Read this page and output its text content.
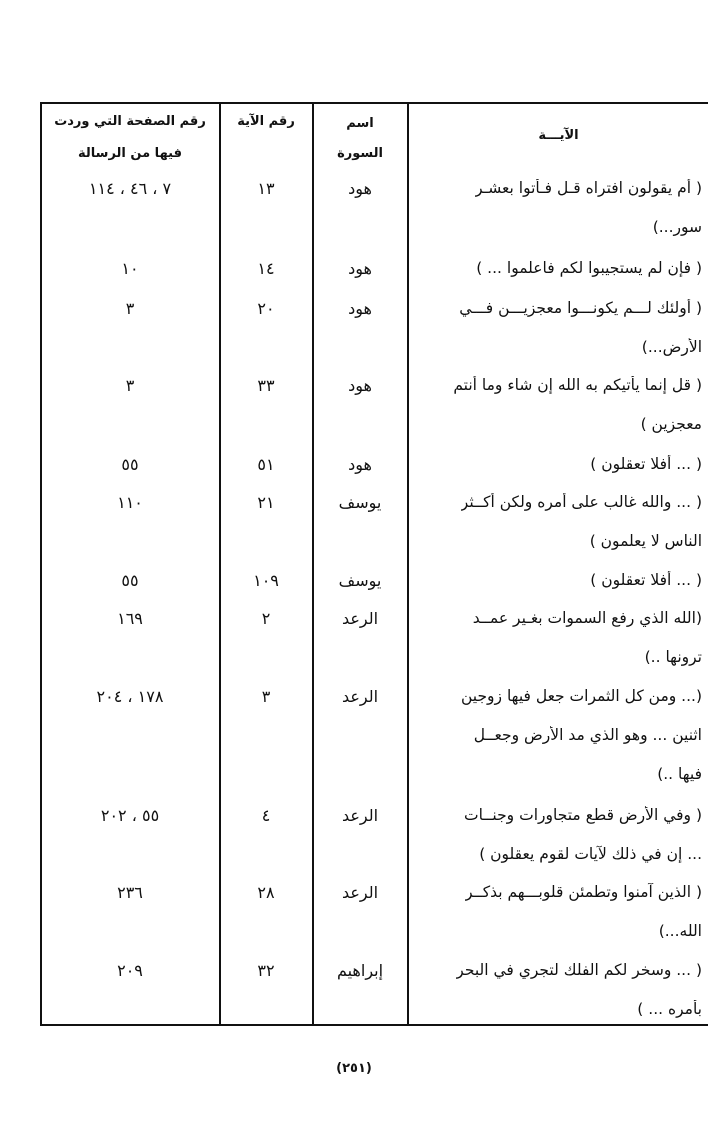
رقم الصفحة التي وردت
فيها من الرسالة
رقم الآية	اسم
السورة
الآيـــة
( أم يقولون افتراه قـل فـأتوا بعشـر
سور...)
هود
١٣
٧ ، ٤٦ ، ١١٤
( فإن لم يستجيبوا لكم فاعلموا ... )
هود
١٤
١٠
( أولئك لـــم يكونـــوا معجزيـــن فـــي
الأرض...)
هود
٢٠
٣
( قل إنما يأتيكم به الله إن شاء وما أنتم
معجزين )
هود
٣٣
٣
( ... أفلا تعقلون )
هود
٥١
٥٥
( ... والله غالب على أمره ولكن أكــثر
الناس لا يعلمون )
يوسف
٢١
١١٠
( ... أفلا تعقلون )
يوسف
١٠٩
٥٥
(الله الذي رفع السموات بغـير عمــد
ترونها ..)
الرعد
٢
١٦٩
(... ومن كل الثمرات جعل فيها زوجين
اثنين ... وهو الذي مد الأرض وجعــل
فيها ..)
الرعد
٣
١٧٨ ، ٢٠٤
( وفي الأرض قطع متجاورات وجنــات
... إن في ذلك لآيات لقوم يعقلون )
الرعد
٤
٥٥ ، ٢٠٢
( الذين آمنوا وتطمئن قلوبـــهم بذكــر
الله...)
الرعد
٢٨
٢٣٦
( ... وسخر لكم الفلك لتجري في البحر
بأمره ... )
إبراهيم
٣٢
٢٠٩
(٢٥١)
